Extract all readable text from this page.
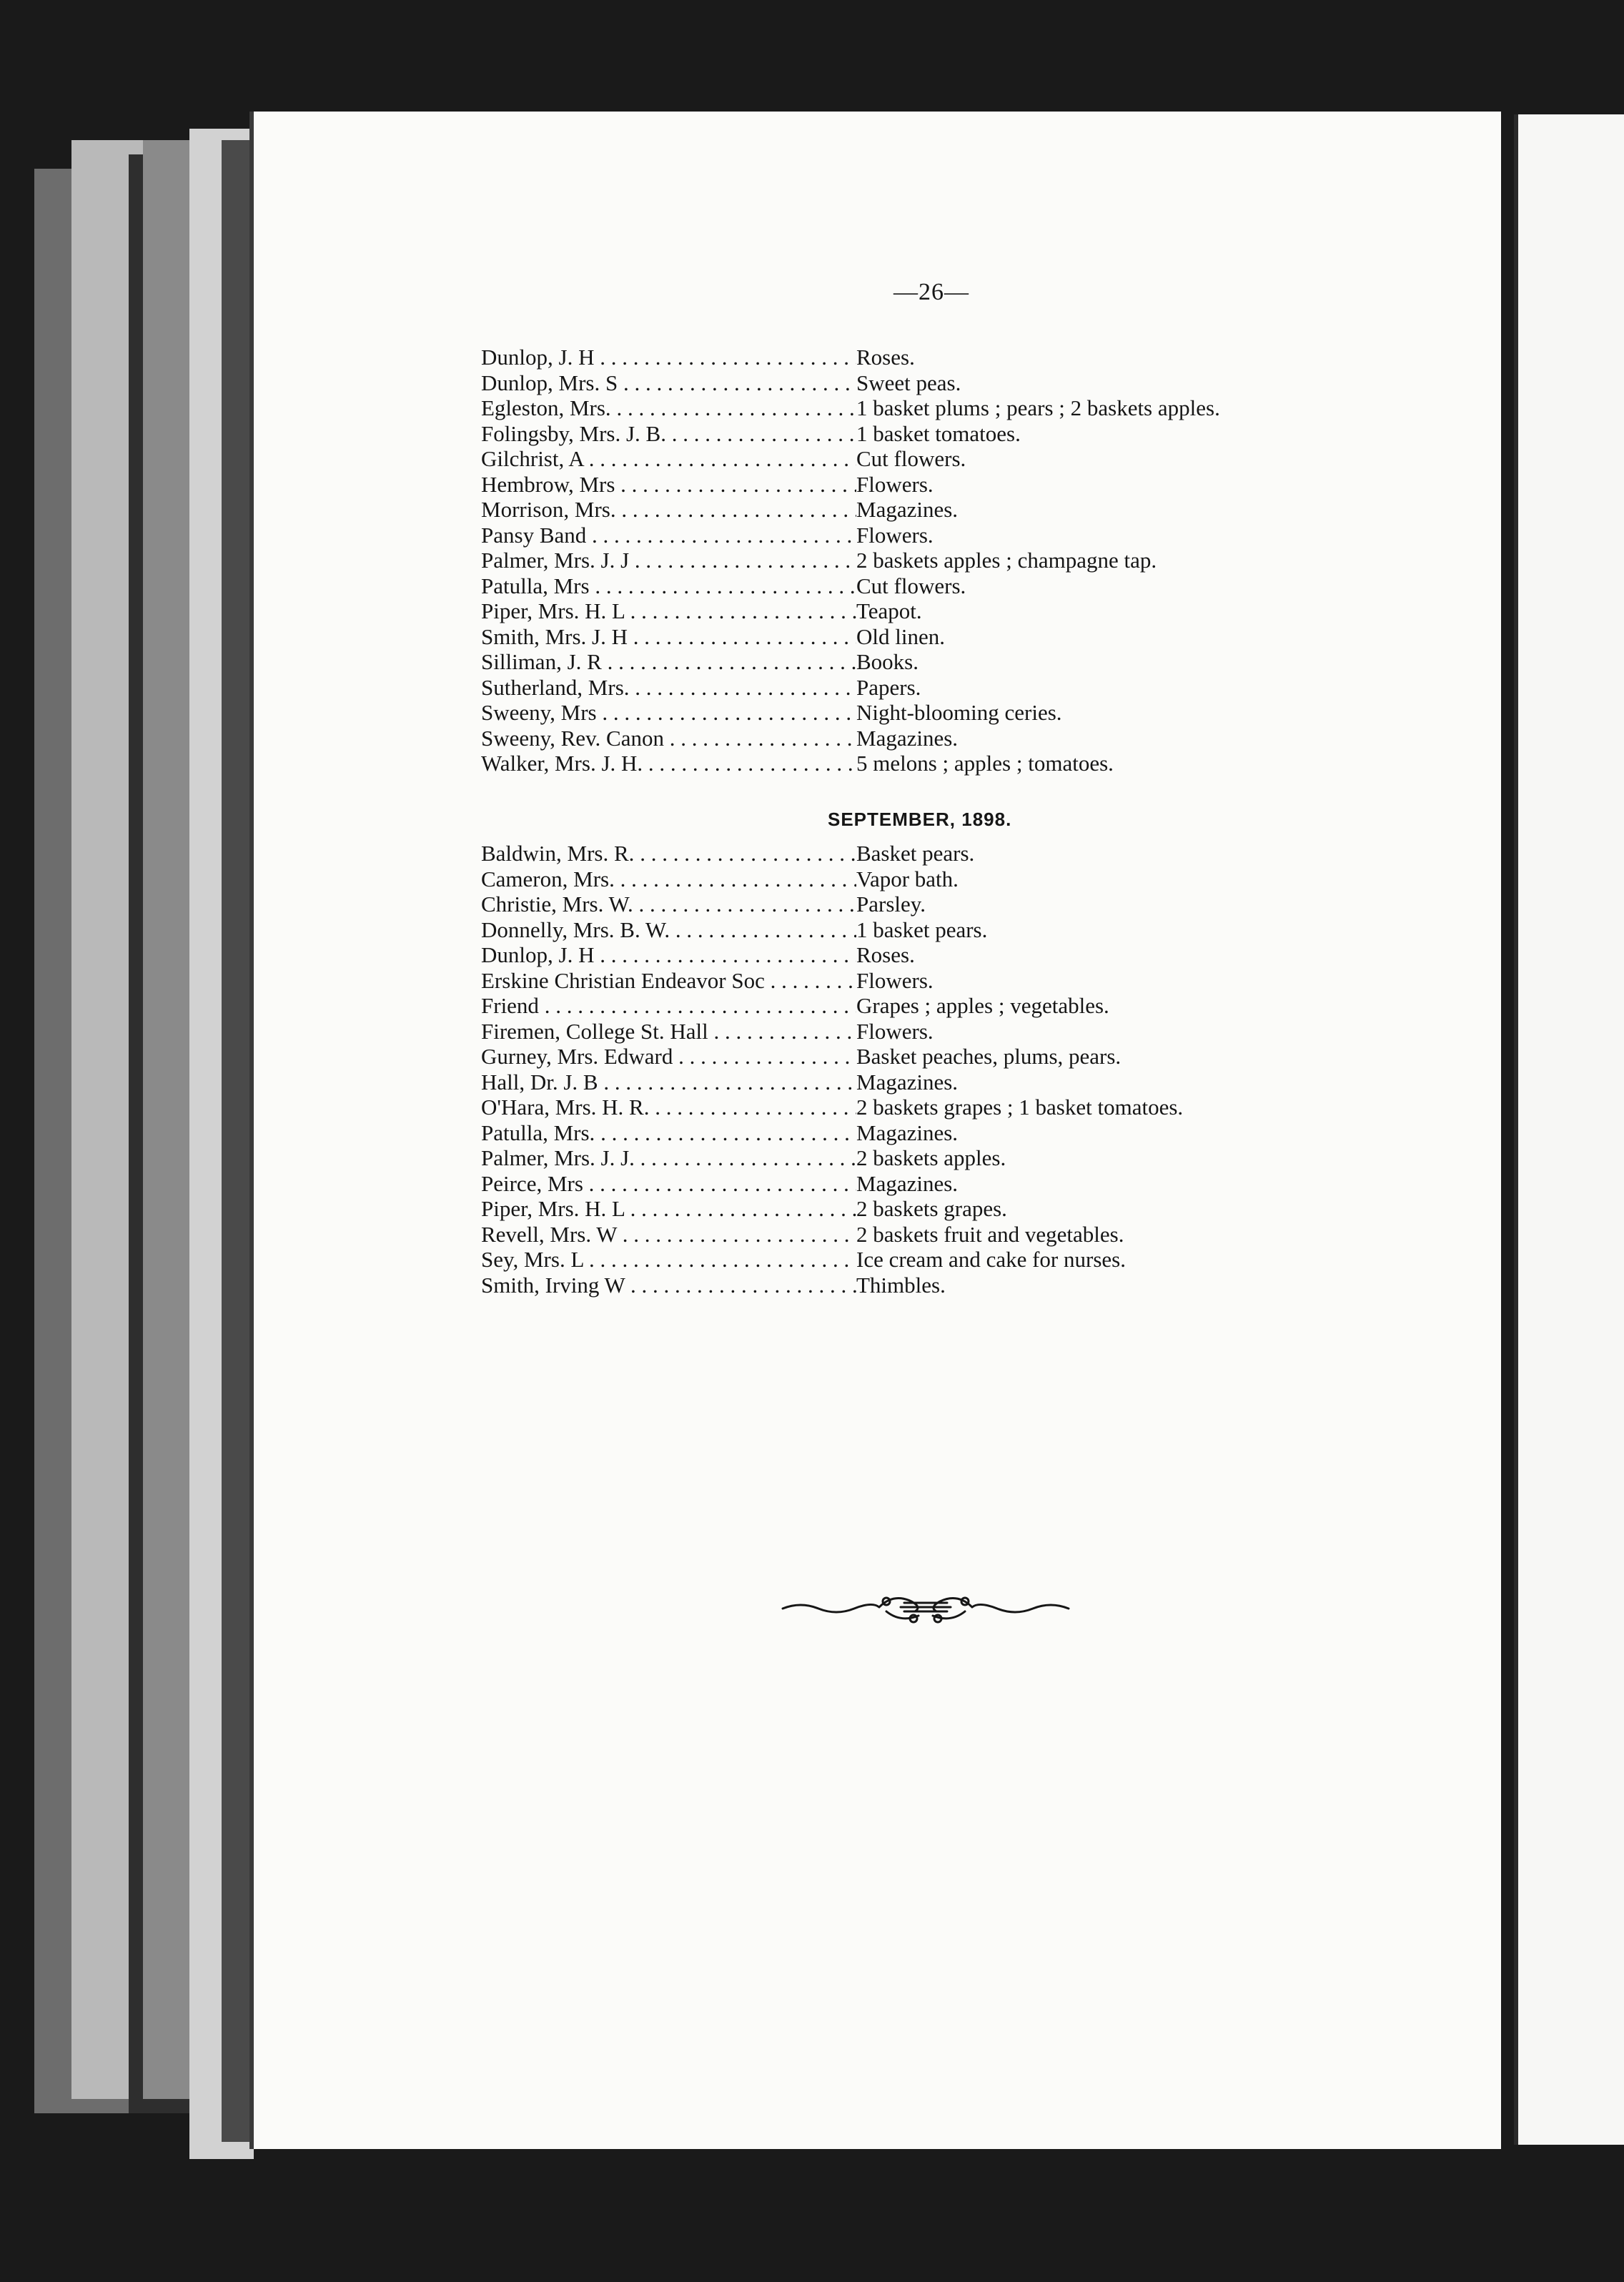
—26—
Dunlop, J. H . . .	Roses.
Dunlop, Mrs. S . . .	Sweet peas.
Egleston, Mrs. . . .	1 basket plums ; pears ; 2 baskets apples.
Folingsby, Mrs. J. B. . . .	1 basket tomatoes.
Gilchrist, A . . .	Cut flowers.
Hembrow, Mrs . . .	Flowers.
Morrison, Mrs. . . .	Magazines.
Pansy Band . . .	Flowers.
Palmer, Mrs. J. J . . .	2 baskets apples ; champagne tap.
Patulla, Mrs . . .	Cut flowers.
Piper, Mrs. H. L . . .	Teapot.
Smith, Mrs. J. H . . .	Old linen.
Silliman, J. R . . .	Books.
Sutherland, Mrs. . . .	Papers.
Sweeny, Mrs . . .	Night-blooming ceries.
Sweeny, Rev. Canon . . .	Magazines.
Walker, Mrs. J. H. . . .	5 melons ; apples ; tomatoes.
SEPTEMBER, 1898.
Baldwin, Mrs. R. . . .	Basket pears.
Cameron, Mrs. . . .	Vapor bath.
Christie, Mrs. W. . . .	Parsley.
Donnelly, Mrs. B. W. . . .	1 basket pears.
Dunlop, J. H . . .	Roses.
Erskine Christian Endeavor Soc . . .	Flowers.
Friend . . .	Grapes ; apples ; vegetables.
Firemen, College St. Hall . . .	Flowers.
Gurney, Mrs. Edward . . .	Basket peaches, plums, pears.
Hall, Dr. J. B . . .	Magazines.
O'Hara, Mrs. H. R. . . .	2 baskets grapes ; 1 basket tomatoes.
Patulla, Mrs. . . .	Magazines.
Palmer, Mrs. J. J. . . .	2 baskets apples.
Peirce, Mrs . . .	Magazines.
Piper, Mrs. H. L . . .	2 baskets grapes.
Revell, Mrs. W . . .	2 baskets fruit and vegetables.
Sey, Mrs. L . . .	Ice cream and cake for nurses.
Smith, Irving W . . .	Thimbles.
